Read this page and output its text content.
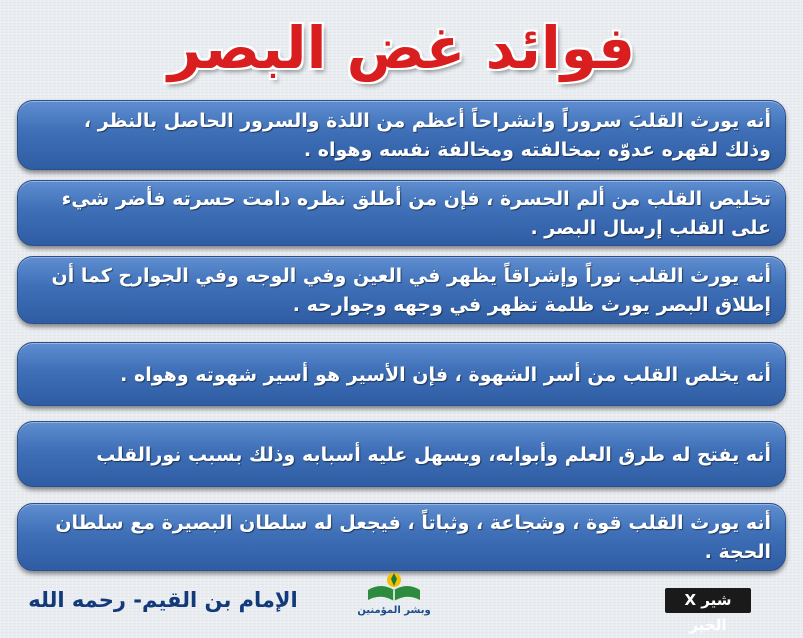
فوائد غض البصر
أنه يورث القلبَ سروراً وانشراحاً أعظم من اللذة والسرور الحاصل بالنظر ، وذلك لقهره عدوّه بمخالفته ومخالفة نفسه وهواه .
تخليص القلب من ألم الحسرة ، فإن من أطلق نظره دامت حسرته فأضر شيء على القلب إرسال البصر .
أنه يورث القلب نوراً وإشراقاً يظهر في العين وفي الوجه وفي الجوارح كما أن إطلاق البصر يورث ظلمة تظهر في وجهه وجوارحه .
أنه يخلص القلب من أسر الشهوة ، فإن الأسير هو أسير شهوته وهواه .
أنه يفتح له طرق العلم وأبوابه، ويسهل عليه أسبابه وذلك بسبب نورالقلب
أنه يورث القلب قوة ، وشجاعة ، وثباتاً ، فيجعل له سلطان البصيرة مع سلطان الحجة .
الإمام بن القيم- رحمه الله	وبشر المؤمنين
شير X الخير
